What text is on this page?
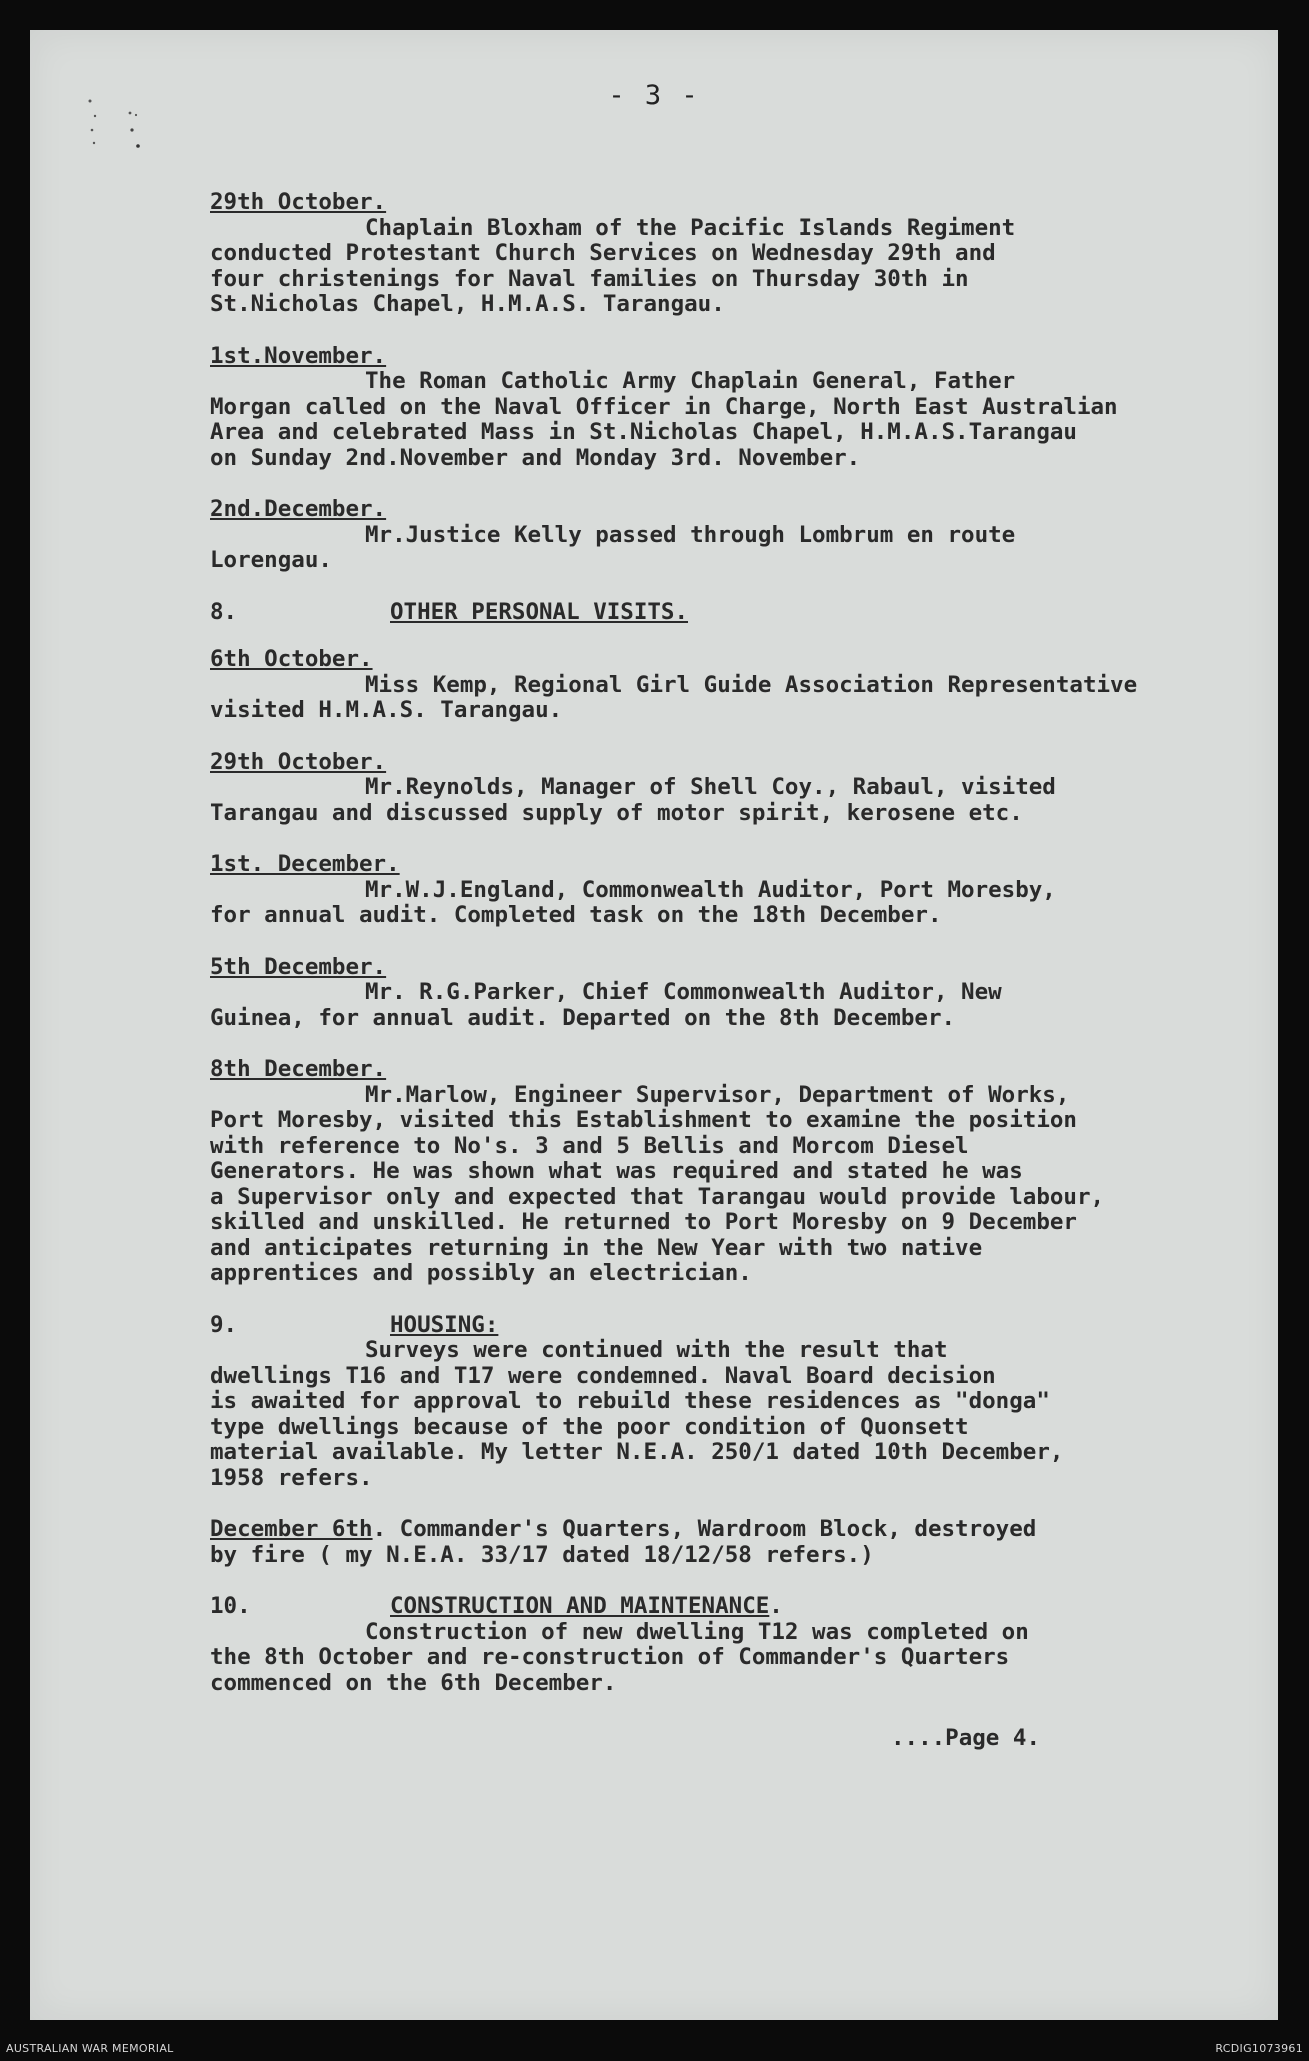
- 3 -
29th October.
Chaplain Bloxham of the Pacific Islands Regiment
conducted Protestant Church Services on Wednesday 29th and
four christenings for Naval families on Thursday 30th in
St.Nicholas Chapel, H.M.A.S. Tarangau.
1st.November.
The Roman Catholic Army Chaplain General, Father
Morgan called on the Naval Officer in Charge, North East Australian
Area and celebrated Mass in St.Nicholas Chapel, H.M.A.S.Tarangau
on Sunday 2nd.November and Monday 3rd. November.
2nd.December.
Mr.Justice Kelly passed through Lombrum en route
Lorengau.
8.	OTHER PERSONAL VISITS.
6th October.
Miss Kemp, Regional Girl Guide Association Representative
visited H.M.A.S. Tarangau.
29th October.
Mr.Reynolds, Manager of Shell Coy., Rabaul, visited
Tarangau and discussed supply of motor spirit, kerosene etc.
1st. December.
Mr.W.J.England, Commonwealth Auditor, Port Moresby,
for annual audit. Completed task on the 18th December.
5th December.
Mr. R.G.Parker, Chief Commonwealth Auditor, New
Guinea, for annual audit. Departed on the 8th December.
8th December.
Mr.Marlow, Engineer Supervisor, Department of Works,
Port Moresby, visited this Establishment to examine the position
with reference to No's. 3 and 5 Bellis and Morcom Diesel
Generators. He was shown what was required and stated he was
a Supervisor only and expected that Tarangau would provide labour,
skilled and unskilled. He returned to Port Moresby on 9 December
and anticipates returning in the New Year with two native
apprentices and possibly an electrician.
9.	HOUSING:
Surveys were continued with the result that
dwellings T16 and T17 were condemned. Naval Board decision
is awaited for approval to rebuild these residences as "donga"
type dwellings because of the poor condition of Quonsett
material available. My letter N.E.A. 250/1 dated 10th December,
1958 refers.
December 6th. Commander's Quarters, Wardroom Block, destroyed
by fire ( my N.E.A. 33/17 dated 18/12/58 refers.)
10.	CONSTRUCTION AND MAINTENANCE.
Construction of new dwelling T12 was completed on
the 8th October and re-construction of Commander's Quarters
commenced on the 6th December.
....Page 4.
AUSTRALIAN WAR MEMORIAL	RCDIG1073961
